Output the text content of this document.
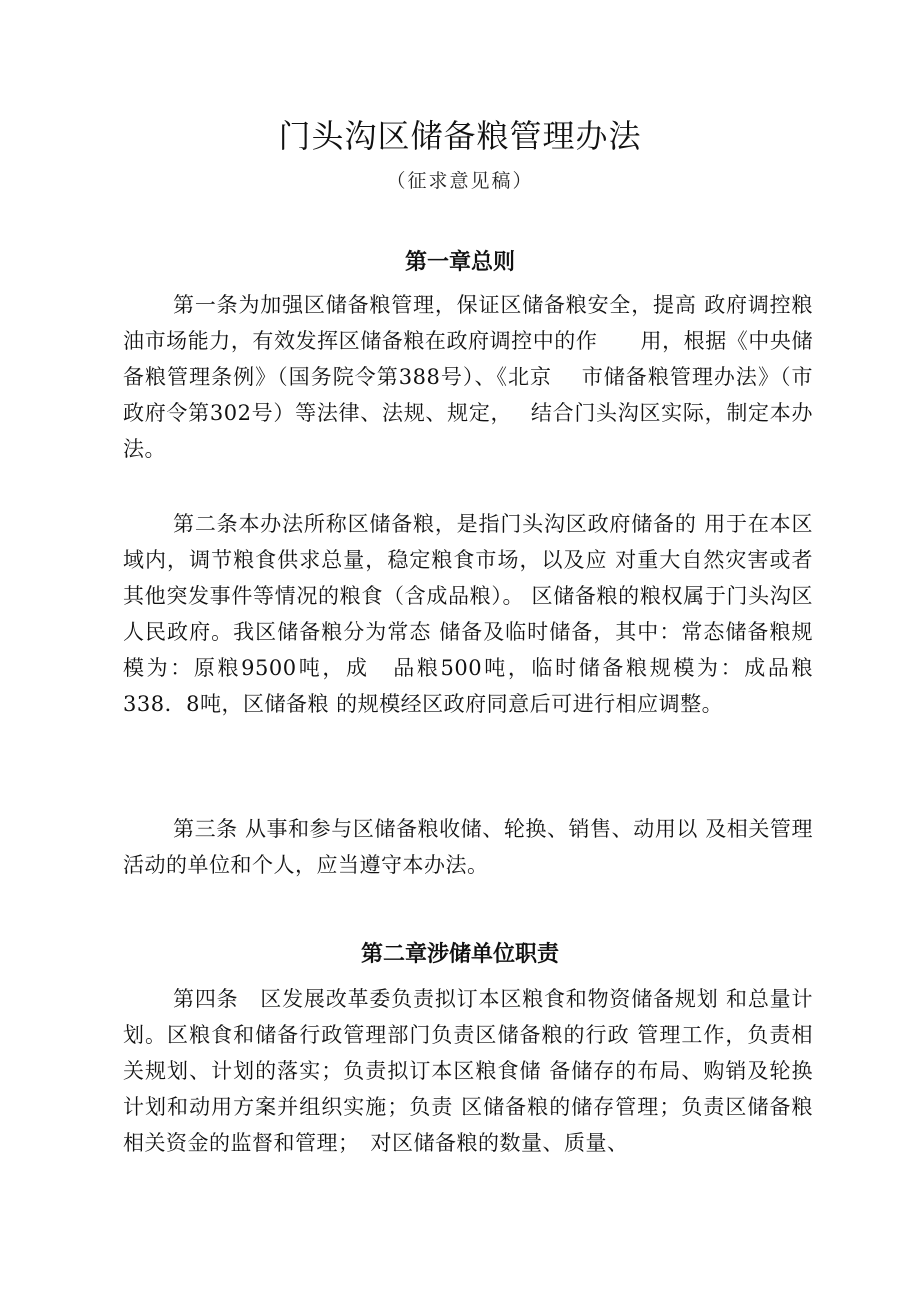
门头沟区储备粮管理办法
（征求意见稿）
第一章总则
第一条为加强区储备粮管理，保证区储备粮安全，提高 政府调控粮油市场能力，有效发挥区储备粮在政府调控中的作　　用，根据《中央储备粮管理条例》（国务院令第388号）、《北京　 市储备粮管理办法》（市政府令第302号）等法律、法规、规定，　 结合门头沟区实际，制定本办法。
第二条本办法所称区储备粮，是指门头沟区政府储备的 用于在本区域内，调节粮食供求总量，稳定粮食市场，以及应 对重大自然灾害或者其他突发事件等情况的粮食（含成品粮）。 区储备粮的粮权属于门头沟区人民政府。我区储备粮分为常态 储备及临时储备，其中：常态储备粮规模为：原粮9500吨，成　品粮500吨，临时储备粮规模为：成品粮338．8吨，区储备粮 的规模经区政府同意后可进行相应调整。
第三条 从事和参与区储备粮收储、轮换、销售、动用以 及相关管理活动的单位和个人，应当遵守本办法。
第二章涉储单位职责
第四条　区发展改革委负责拟订本区粮食和物资储备规划 和总量计划。区粮食和储备行政管理部门负责区储备粮的行政 管理工作，负责相关规划、计划的落实；负责拟订本区粮食储 备储存的布局、购销及轮换计划和动用方案并组织实施；负责 区储备粮的储存管理；负责区储备粮相关资金的监督和管理；　对区储备粮的数量、质量、
